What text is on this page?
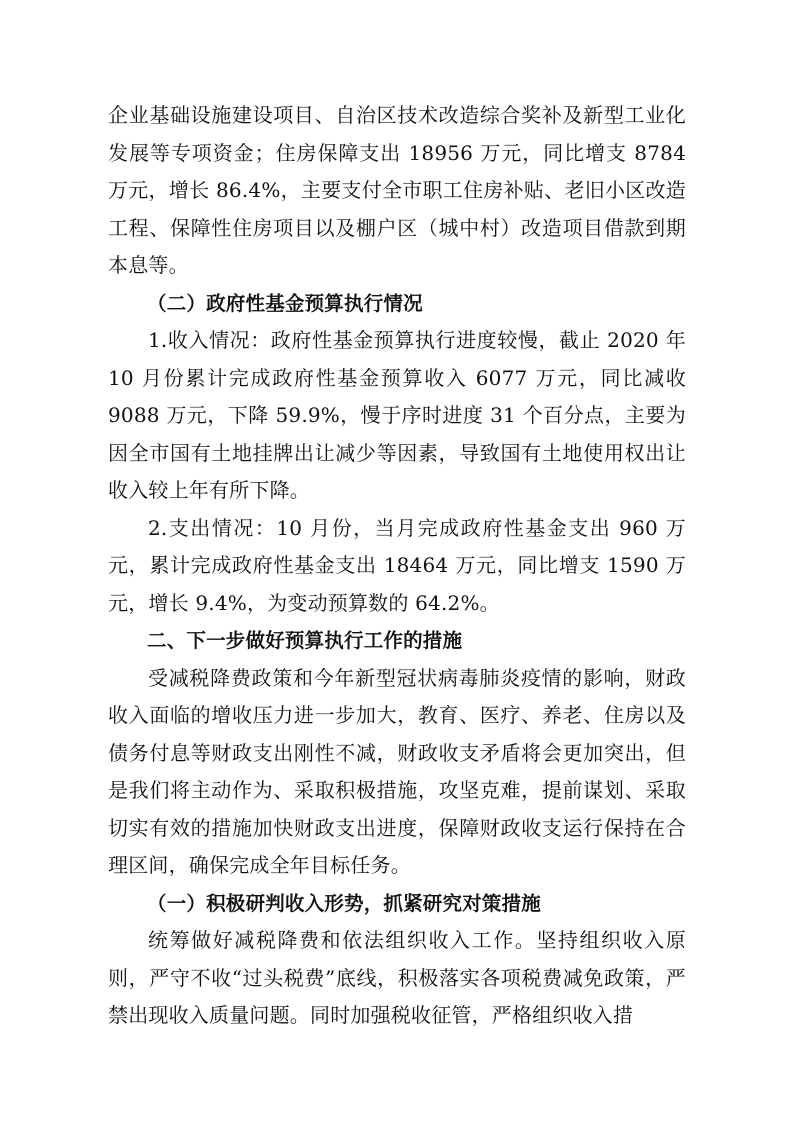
企业基础设施建设项目、自治区技术改造综合奖补及新型工业化发展等专项资金；住房保障支出 18956 万元，同比增支 8784 万元，增长 86.4%，主要支付全市职工住房补贴、老旧小区改造工程、保障性住房项目以及棚户区（城中村）改造项目借款到期本息等。

（二）政府性基金预算执行情况

1.收入情况：政府性基金预算执行进度较慢，截止 2020 年 10 月份累计完成政府性基金预算收入 6077 万元，同比减收 9088 万元，下降 59.9%，慢于序时进度 31 个百分点，主要为因全市国有土地挂牌出让减少等因素，导致国有土地使用权出让收入较上年有所下降。

2.支出情况：10 月份，当月完成政府性基金支出 960 万元，累计完成政府性基金支出 18464 万元，同比增支 1590 万元，增长 9.4%，为变动预算数的 64.2%。

二、下一步做好预算执行工作的措施

受减税降费政策和今年新型冠状病毒肺炎疫情的影响，财政收入面临的增收压力进一步加大，教育、医疗、养老、住房以及债务付息等财政支出刚性不减，财政收支矛盾将会更加突出，但是我们将主动作为、采取积极措施，攻坚克难，提前谋划、采取切实有效的措施加快财政支出进度，保障财政收支运行保持在合理区间，确保完成全年目标任务。

（一）积极研判收入形势，抓紧研究对策措施

统筹做好减税降费和依法组织收入工作。坚持组织收入原则，严守不收“过头税费”底线，积极落实各项税费减免政策，严禁出现收入质量问题。同时加强税收征管，严格组织收入措
